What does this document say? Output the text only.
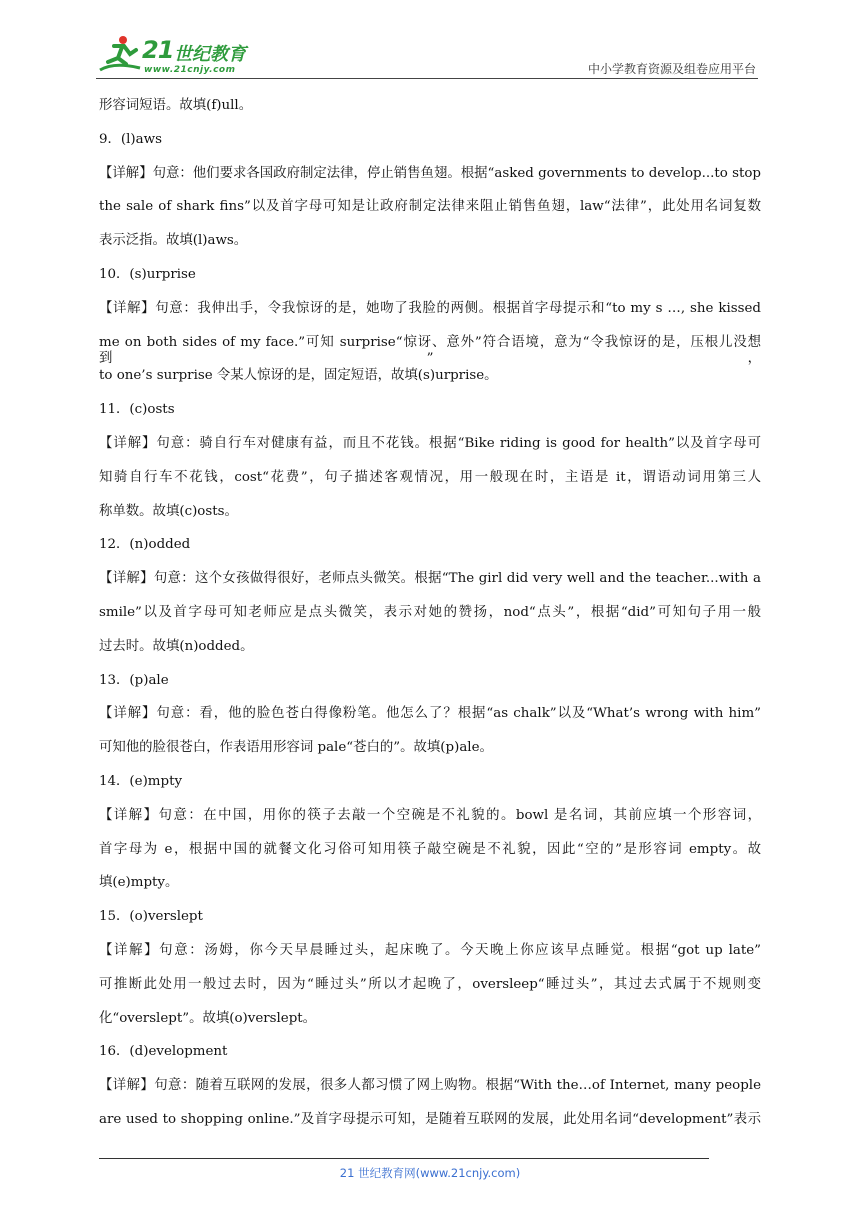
21 世纪教育
www.21cnjy.com	中小学教育资源及组卷应用平台

形容词短语。故填(f)ull。

9．(l)aws

【详解】句意：他们要求各国政府制定法律，停止销售鱼翅。根据“asked governments to develop...to stop

the sale of shark fins”以及首字母可知是让政府制定法律来阻止销售鱼翅，law“法律”，此处用名词复数

表示泛指。故填(l)aws。

10．(s)urprise

【详解】句意：我伸出手，令我惊讶的是，她吻了我脸的两侧。根据首字母提示和“to my s …, she kissed

me on both sides of my face.”可知 surprise“惊讶、意外”符合语境，意为“令我惊讶的是，压根儿没想到”，

to one’s surprise 令某人惊讶的是，固定短语，故填(s)urprise。

11．(c)osts

【详解】句意：骑自行车对健康有益，而且不花钱。根据“Bike riding is good for health”以及首字母可

知骑自行车不花钱，cost“花费”，句子描述客观情况，用一般现在时，主语是 it，谓语动词用第三人

称单数。故填(c)osts。

12．(n)odded

【详解】句意：这个女孩做得很好，老师点头微笑。根据“The girl did very well and the teacher...with a

smile”以及首字母可知老师应是点头微笑，表示对她的赞扬，nod“点头”，根据“did”可知句子用一般

过去时。故填(n)odded。

13．(p)ale

【详解】句意：看，他的脸色苍白得像粉笔。他怎么了？根据“as chalk”以及“What’s wrong with him”

可知他的脸很苍白，作表语用形容词 pale“苍白的”。故填(p)ale。

14．(e)mpty

【详解】句意：在中国，用你的筷子去敲一个空碗是不礼貌的。bowl 是名词，其前应填一个形容词，

首字母为 e，根据中国的就餐文化习俗可知用筷子敲空碗是不礼貌，因此“空的”是形容词 empty。故

填(e)mpty。

15．(o)verslept

【详解】句意：汤姆，你今天早晨睡过头，起床晚了。今天晚上你应该早点睡觉。根据“got up late”

可推断此处用一般过去时，因为“睡过头”所以才起晚了，oversleep“睡过头”，其过去式属于不规则变

化“overslept”。故填(o)verslept。

16．(d)evelopment

【详解】句意：随着互联网的发展，很多人都习惯了网上购物。根据“With the…of Internet, many people

are used to shopping online.”及首字母提示可知，是随着互联网的发展，此处用名词“development”表示

21 世纪教育网(www.21cnjy.com)
